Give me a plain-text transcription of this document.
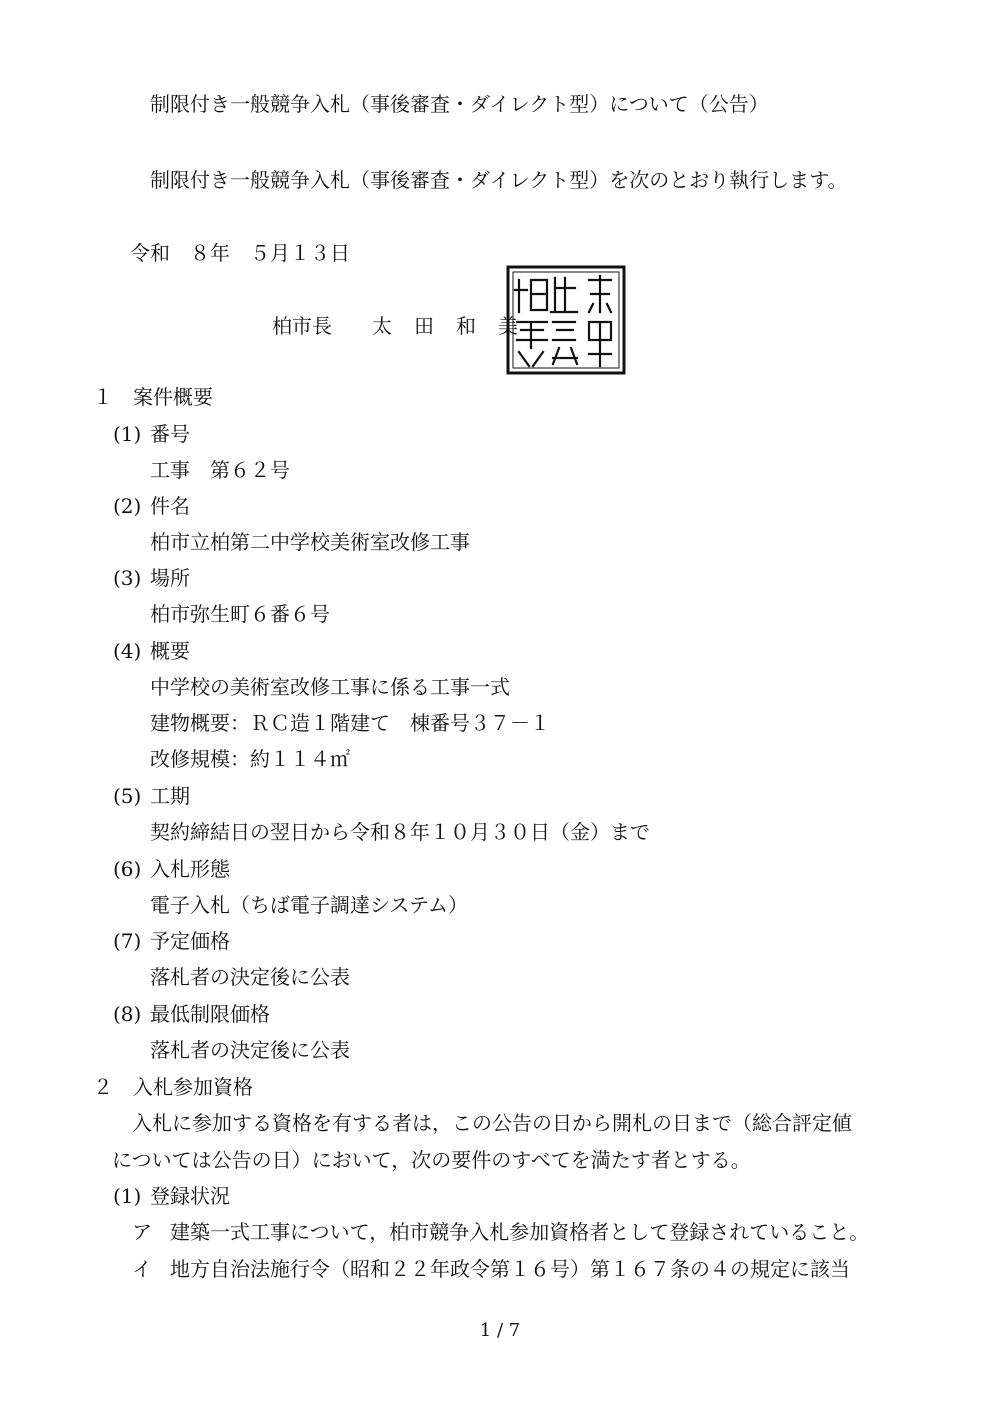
制限付き一般競争入札（事後審査・ダイレクト型）について（公告）
制限付き一般競争入札（事後審査・ダイレクト型）を次のとおり執行します。
令和　８年　５月１３日
柏市長 太　田　和　美
１　案件概要
(1) 番号
工事　第６２号
(2) 件名
柏市立柏第二中学校美術室改修工事
(3) 場所
柏市弥生町６番６号
(4) 概要
中学校の美術室改修工事に係る工事一式
建物概要：ＲＣ造１階建て　棟番号３７－１
改修規模：約１１４㎡
(5) 工期
契約締結日の翌日から令和８年１０月３０日（金）まで
(6) 入札形態
電子入札（ちば電子調達システム）
(7) 予定価格
落札者の決定後に公表
(8) 最低制限価格
落札者の決定後に公表
２　入札参加資格
入札に参加する資格を有する者は，この公告の日から開札の日まで（総合評定値
については公告の日）において，次の要件のすべてを満たす者とする。
(1) 登録状況
ア 建築一式工事について，柏市競争入札参加資格者として登録されていること。
イ 地方自治法施行令（昭和２２年政令第１６号）第１６７条の４の規定に該当
1 / 7
